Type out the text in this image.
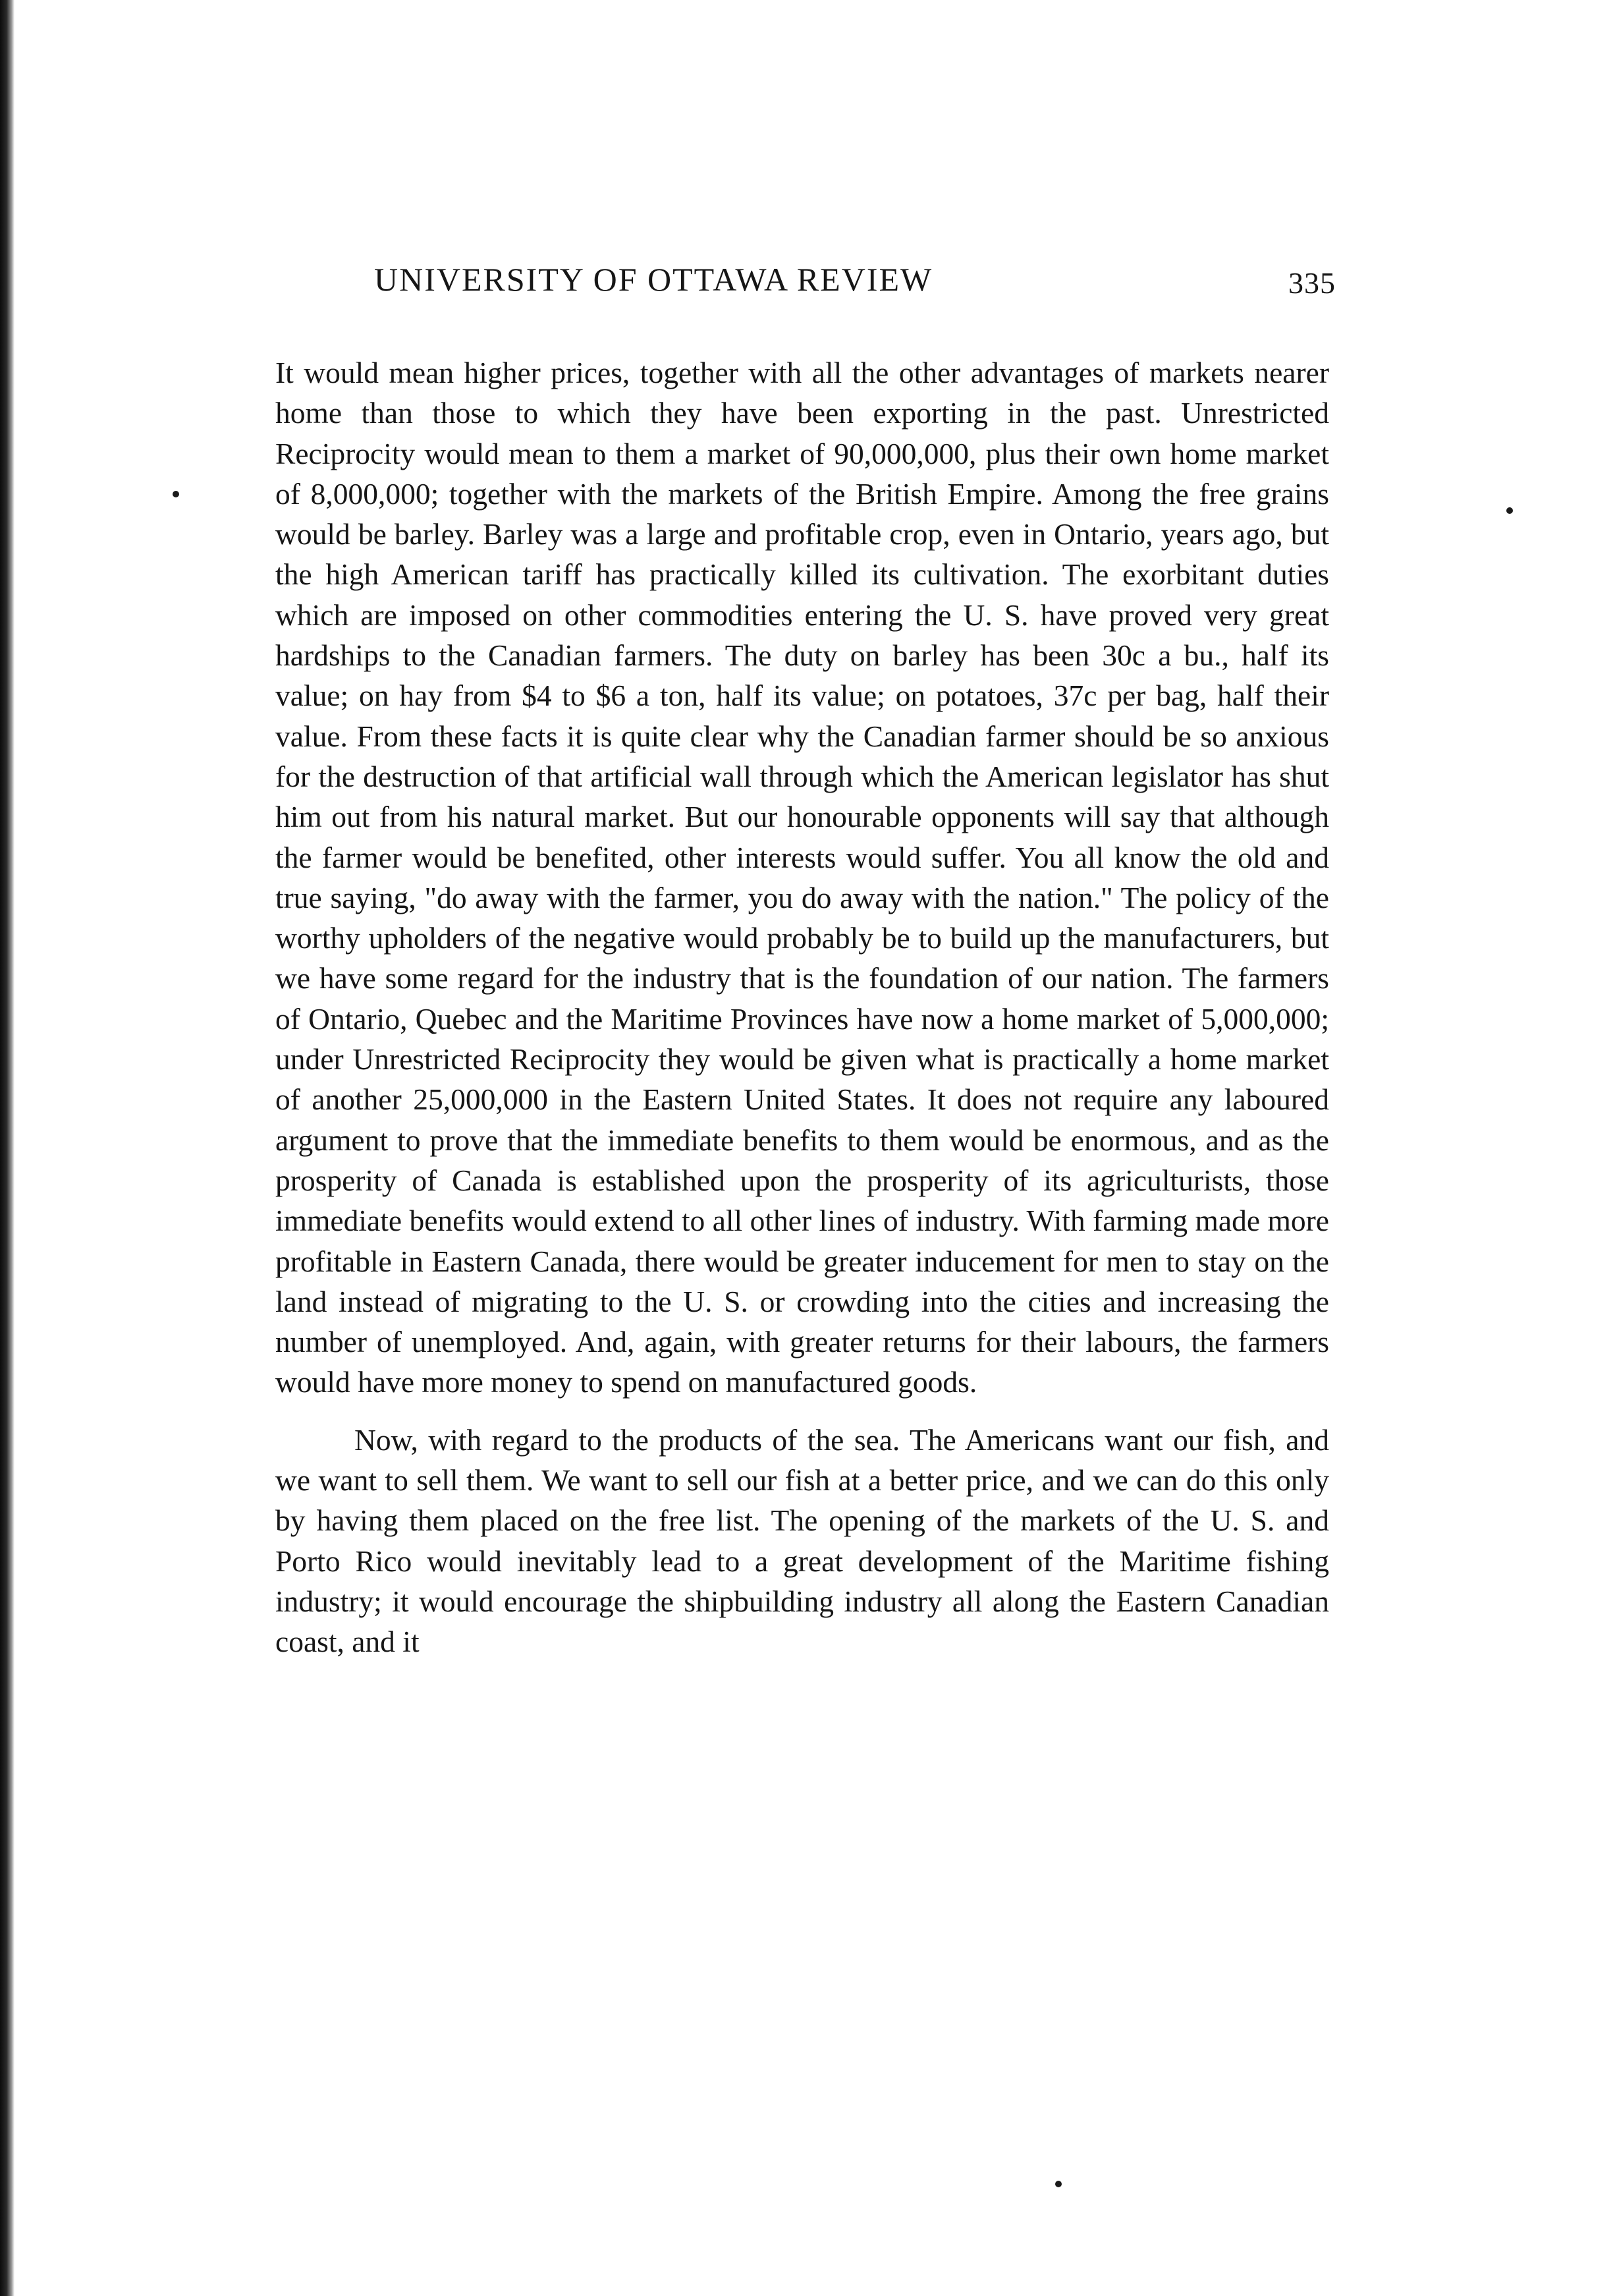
UNIVERSITY OF OTTAWA REVIEW	335

It would mean higher prices, together with all the other advantages of markets nearer home than those to which they have been exporting in the past. Unrestricted Reciprocity would mean to them a market of 90,000,000, plus their own home market of 8,000,000; together with the markets of the British Empire. Among the free grains would be barley. Barley was a large and profitable crop, even in Ontario, years ago, but the high American tariff has practically killed its cultivation. The exorbitant duties which are imposed on other commodities entering the U. S. have proved very great hardships to the Canadian farmers. The duty on barley has been 30c a bu., half its value; on hay from $4 to $6 a ton, half its value; on potatoes, 37c per bag, half their value. From these facts it is quite clear why the Canadian farmer should be so anxious for the destruction of that artificial wall through which the American legislator has shut him out from his natural market. But our honourable opponents will say that although the farmer would be benefited, other interests would suffer. You all know the old and true saying, "do away with the farmer, you do away with the nation." The policy of the worthy upholders of the negative would probably be to build up the manufacturers, but we have some regard for the industry that is the foundation of our nation. The farmers of Ontario, Quebec and the Maritime Provinces have now a home market of 5,000,000; under Unrestricted Reciprocity they would be given what is practically a home market of another 25,000,000 in the Eastern United States. It does not require any laboured argument to prove that the immediate benefits to them would be enormous, and as the prosperity of Canada is established upon the prosperity of its agriculturists, those immediate benefits would extend to all other lines of industry. With farming made more profitable in Eastern Canada, there would be greater inducement for men to stay on the land instead of migrating to the U. S. or crowding into the cities and increasing the number of unemployed. And, again, with greater returns for their labours, the farmers would have more money to spend on manufactured goods.

Now, with regard to the products of the sea. The Americans want our fish, and we want to sell them. We want to sell our fish at a better price, and we can do this only by having them placed on the free list. The opening of the markets of the U. S. and Porto Rico would inevitably lead to a great development of the Maritime fishing industry; it would encourage the shipbuilding industry all along the Eastern Canadian coast, and it
